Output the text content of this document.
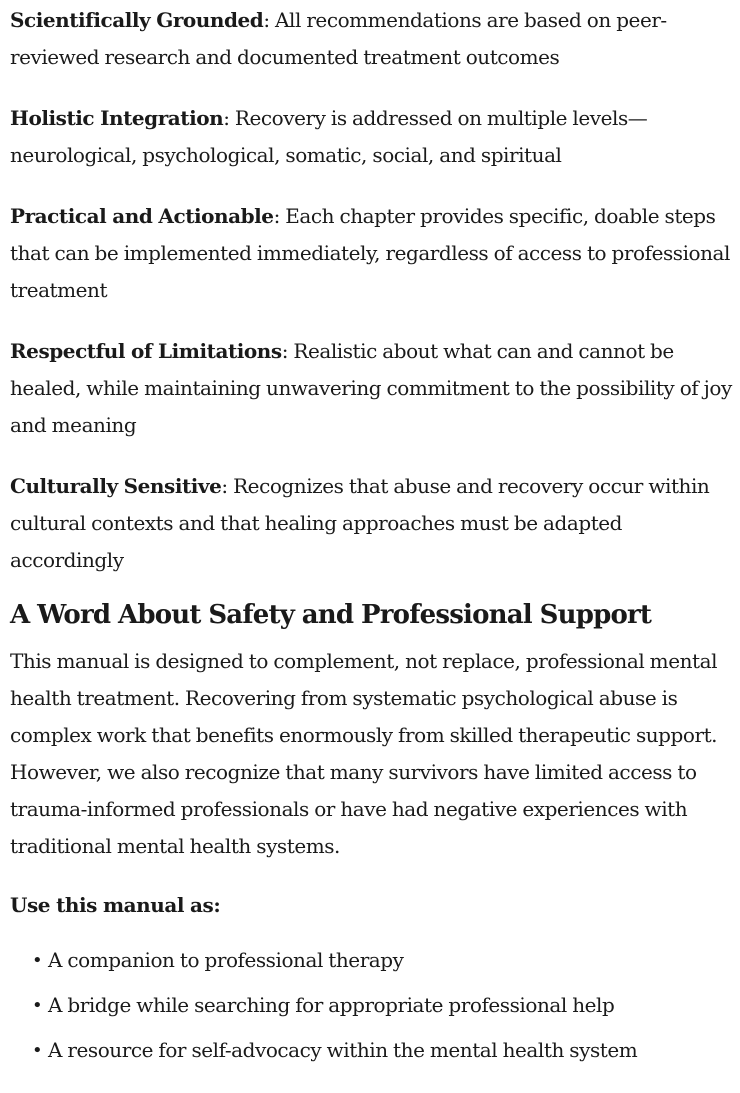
Scientifically Grounded: All recommendations are based on peer-reviewed research and documented treatment outcomes

Holistic Integration: Recovery is addressed on multiple levels—neurological, psychological, somatic, social, and spiritual

Practical and Actionable: Each chapter provides specific, doable steps that can be implemented immediately, regardless of access to professional treatment

Respectful of Limitations: Realistic about what can and cannot be healed, while maintaining unwavering commitment to the possibility of joy and meaning

Culturally Sensitive: Recognizes that abuse and recovery occur within cultural contexts and that healing approaches must be adapted accordingly

A Word About Safety and Professional Support

This manual is designed to complement, not replace, professional mental health treatment. Recovering from systematic psychological abuse is complex work that benefits enormously from skilled therapeutic support. However, we also recognize that many survivors have limited access to trauma-informed professionals or have had negative experiences with traditional mental health systems.

Use this manual as:

• A companion to professional therapy
• A bridge while searching for appropriate professional help
• A resource for self-advocacy within the mental health system
